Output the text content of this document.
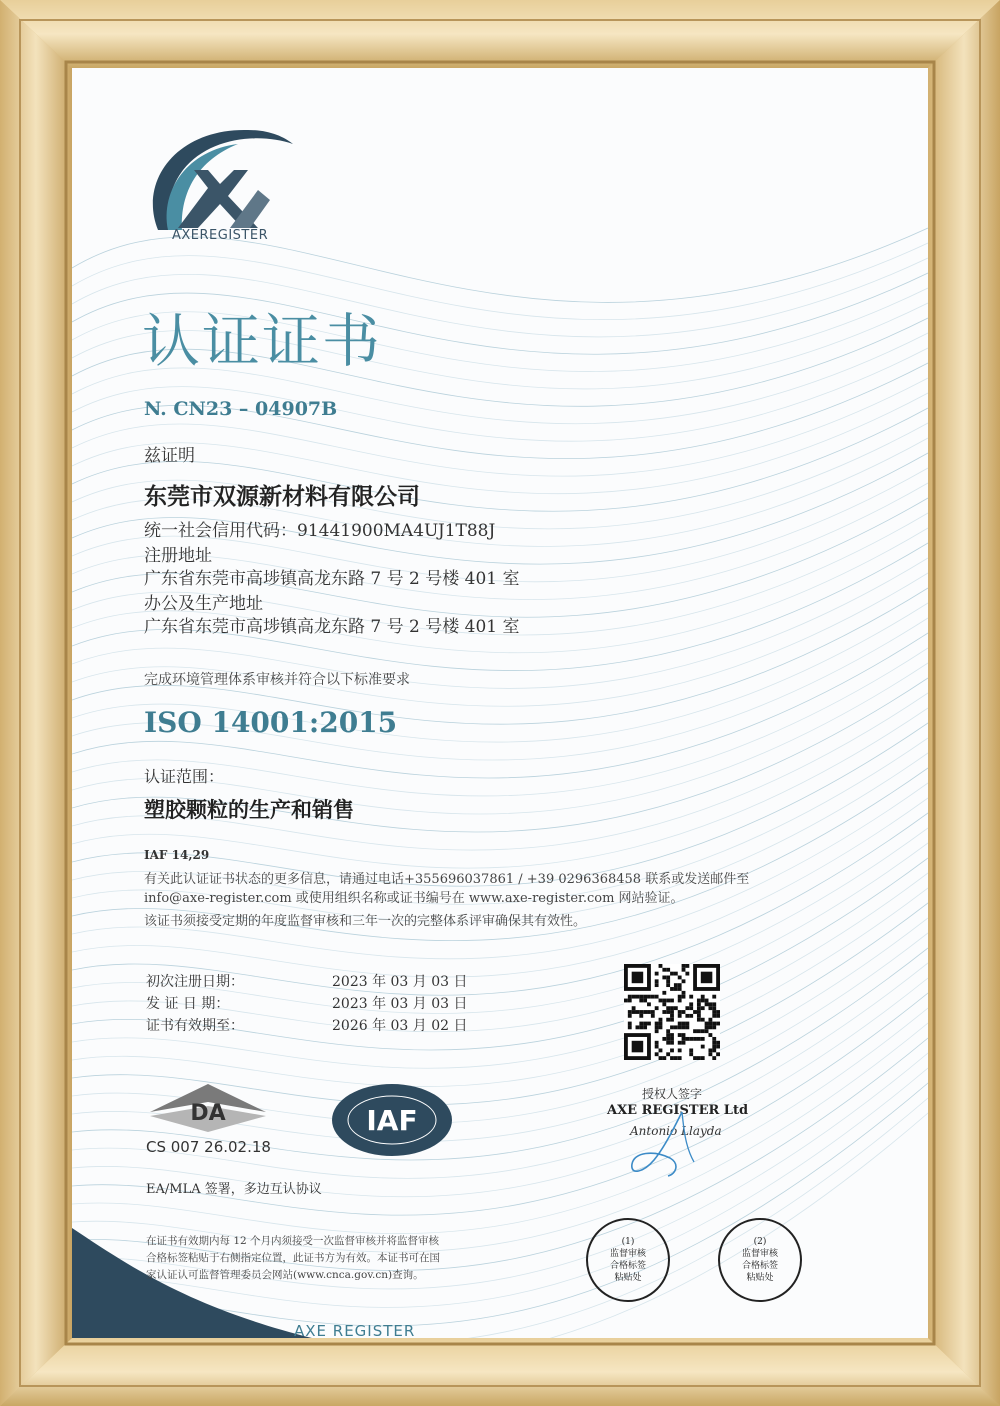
AXEREGISTER
认证证书
N. CN23 – 04907B
兹证明
东莞市双源新材料有限公司
统一社会信用代码：91441900MA4UJ1T88J
注册地址
广东省东莞市高埗镇高龙东路 7 号 2 号楼 401 室
办公及生产地址
广东省东莞市高埗镇高龙东路 7 号 2 号楼 401 室
完成环境管理体系审核并符合以下标准要求
ISO 14001:2015
认证范围：
塑胶颗粒的生产和销售
IAF 14,29
有关此认证证书状态的更多信息，请通过电话+355696037861 / +39 0296368458 联系或发送邮件至
info@axe-register.com 或使用组织名称或证书编号在 www.axe-register.com 网站验证。
该证书须接受定期的年度监督审核和三年一次的完整体系评审确保其有效性。
初次注册日期：	2023 年 03 月 03 日
发 证 日 期：	2023 年 03 月 03 日
证书有效期至：	2026 年 03 月 02 日
授权人签字
AXE REGISTER Ltd
Antonio Llayda
DA
CS 007 26.02.18
IAF
EA/MLA 签署，多边互认协议
在证书有效期内每 12 个月内须接受一次监督审核并将监督审核
合格标签粘贴于右侧指定位置，此证书方为有效。本证书可在国
家认证认可监督管理委员会网站(www.cnca.gov.cn)查询。
(1)
监督审核
合格标签
粘贴处
(2)
监督审核
合格标签
粘贴处
AXE REGISTER
